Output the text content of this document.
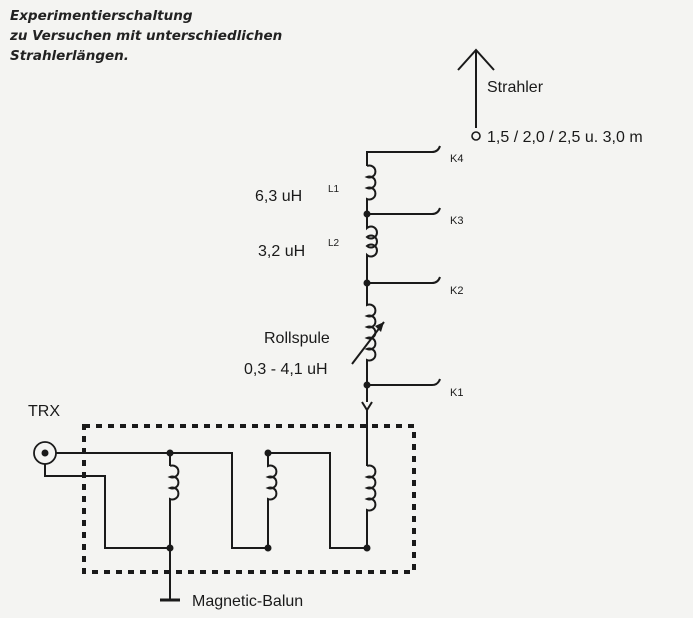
Experimentierschaltung
zu Versuchen mit unterschiedlichen
Strahlerlängen.
Strahler
1,5 / 2,0 / 2,5 u. 3,0 m
K4
K3
K2
K1
6,3 uH	L1
3,2 uH L2
Rollspule
0,3 - 4,1 uH
TRX
Magnetic-Balun
